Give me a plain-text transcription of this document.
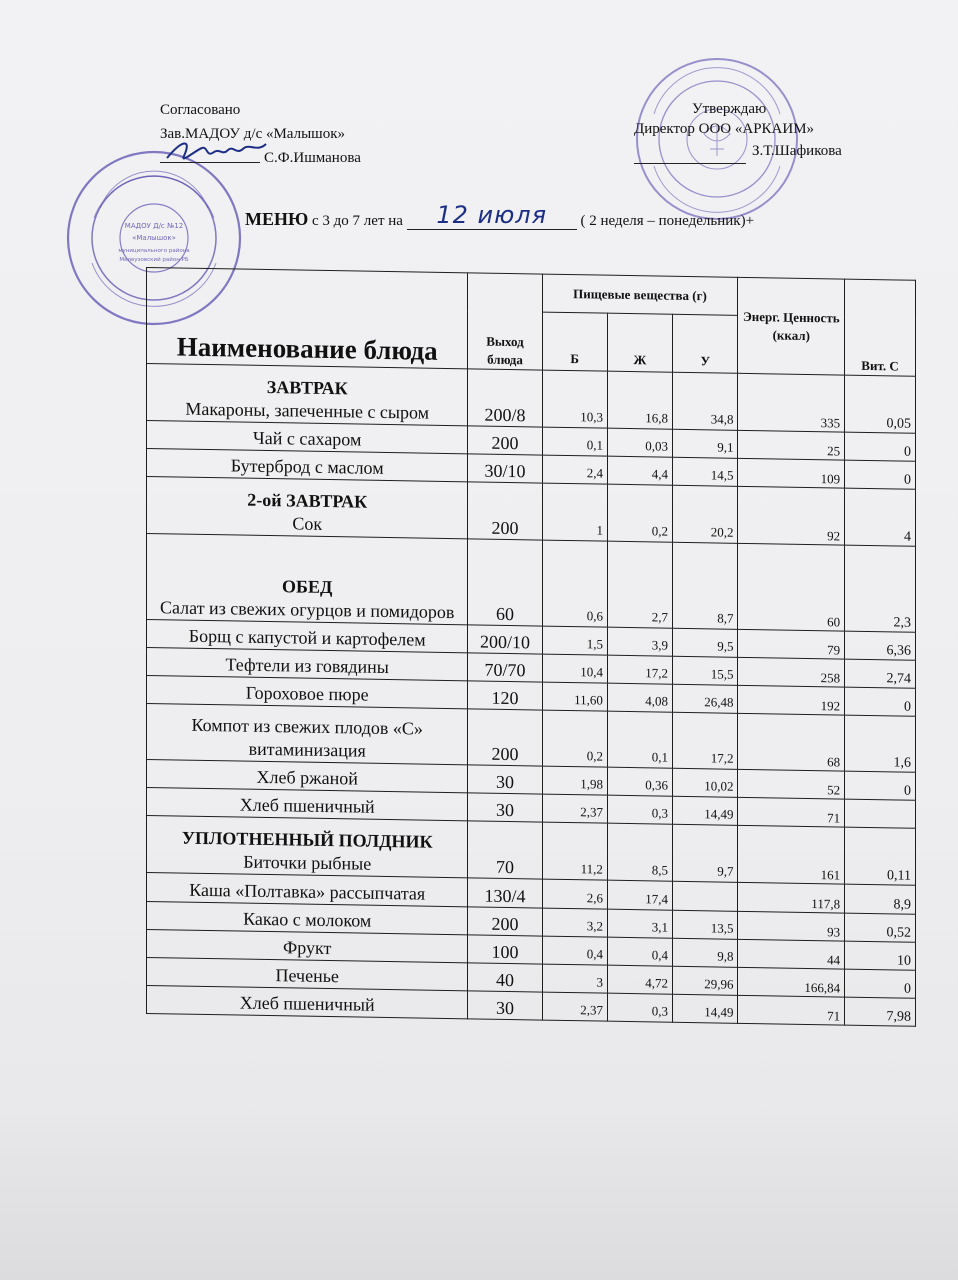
МАДОУ Д/с №12
«Малышок»
муниципального района
Мелеузовский район РБ
Согласовано
Зав.МАДОУ д/с «Малышок»
С.Ф.Ишманова
Утверждаю
Директор ООО «АРКАИМ»
З.Т.Шафикова
МЕНЮ с 3 до 7 лет на 12 июля ( 2 неделя – понедельник)+
Наименование блюда	Выход блюда	Пищевые вещества (г)			Энерг. Ценность (ккал)	Вит. С
		Б	Ж	У		

ЗАВТРАК
Макароны, запеченные с сыром	200/8	10,3	16,8	34,8	335	0,05
Чай с сахаром	200	0,1	0,03	9,1	25	0
Бутерброд с маслом	30/10	2,4	4,4	14,5	109	0

2-ой ЗАВТРАК
Сок	200	1	0,2	20,2	92	4

ОБЕД
Салат из свежих огурцов и помидоров	60	0,6	2,7	8,7	60	2,3
Борщ с капустой и картофелем	200/10	1,5	3,9	9,5	79	6,36
Тефтели из говядины	70/70	10,4	17,2	15,5	258	2,74
Гороховое пюре	120	11,60	4,08	26,48	192	0
Компот из свежих плодов «С» витаминизация	200	0,2	0,1	17,2	68	1,6
Хлеб ржаной	30	1,98	0,36	10,02	52	0
Хлеб пшеничный	30	2,37	0,3	14,49	71	

УПЛОТНЕННЫЙ ПОЛДНИК
Биточки рыбные	70	11,2	8,5	9,7	161	0,11
Каша «Полтавка» рассыпчатая	130/4	2,6	17,4		117,8	8,9
Какао с молоком	200	3,2	3,1	13,5	93	0,52
Фрукт	100	0,4	0,4	9,8	44	10
Печенье	40	3	4,72	29,96	166,84	0
Хлеб пшеничный	30	2,37	0,3	14,49	71	7,98
